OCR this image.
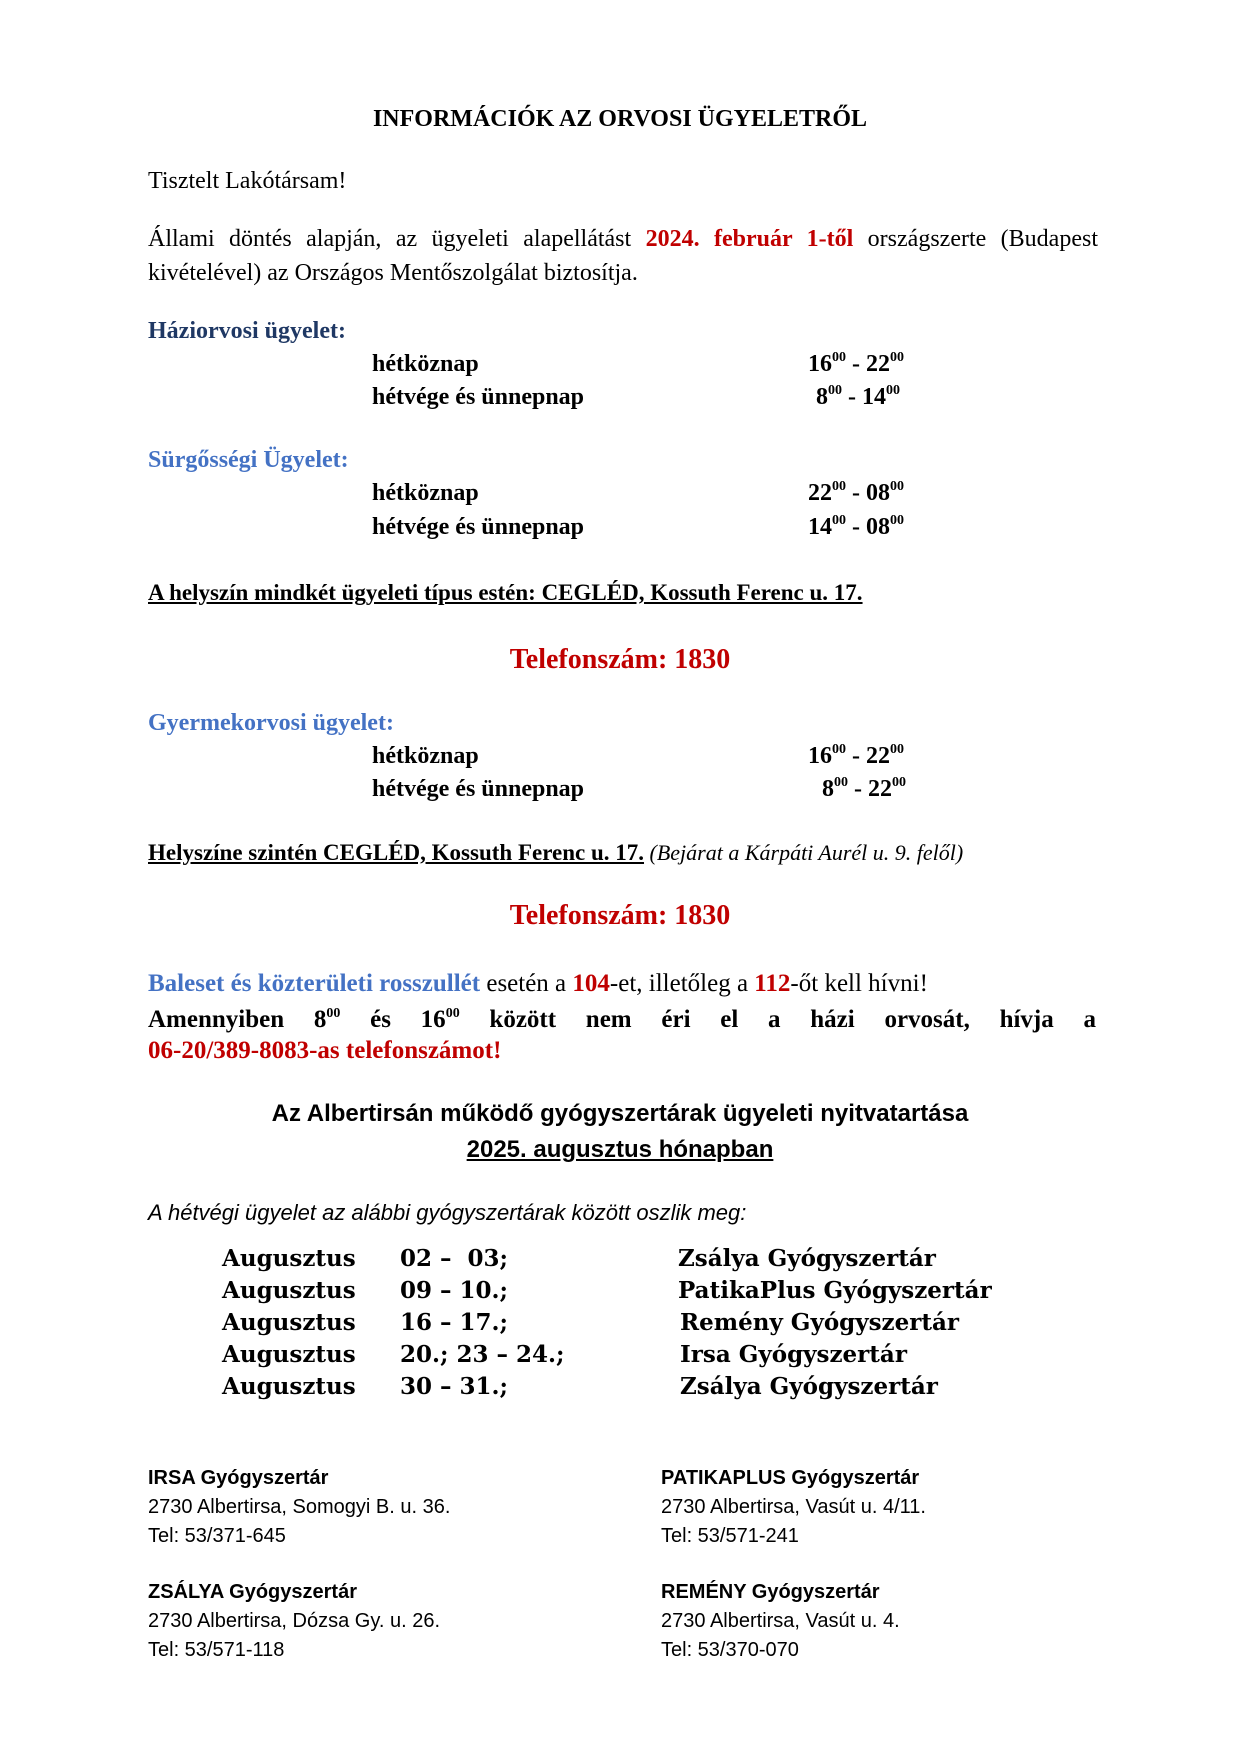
INFORMÁCIÓK AZ ORVOSI ÜGYELETRŐL
Tisztelt Lakótársam!
Állami döntés alapján, az ügyeleti alapellátást 2024. február 1-től országszerte (Budapest kivételével) az Országos Mentőszolgálat biztosítja.
Háziorvosi ügyelet:
hétköznap	$16^{00} - 22^{00}$
hétvége és ünnepnap	$8^{00} - 14^{00}$
Sürgősségi Ügyelet:
hétköznap	$22^{00} - 08^{00}$
hétvége és ünnepnap	$14^{00} - 08^{00}$
A helyszín mindkét ügyeleti típus estén: CEGLÉD, Kossuth Ferenc u. 17.
Telefonszám: 1830
Gyermekorvosi ügyelet:
hétköznap	$16^{00} - 22^{00}$
hétvége és ünnepnap	$8^{00} - 22^{00}$
Helyszíne szintén CEGLÉD, Kossuth Ferenc u. 17. (Bejárat a Kárpáti Aurél u. 9. felől)
Telefonszám: 1830
Baleset és közterületi rosszullét esetén a 104-et, illetőleg a 112-őt kell hívni!
Amennyiben $8^{00}$ és $16^{00}$ között nem éri el a házi orvosát, hívja a
06-20/389-8083-as telefonszámot!
Az Albertirsán működő gyógyszertárak ügyeleti nyitvatartása
2025. augusztus hónapban
A hétvégi ügyelet az alábbi gyógyszertárak között oszlik meg:
Augusztus 02 –  03;	Zsálya Gyógyszertár
Augusztus 09 – 10.;	PatikaPlus Gyógyszertár
Augusztus 16 – 17.;	Remény Gyógyszertár
Augusztus 20.; 23 – 24.;	Irsa Gyógyszertár
Augusztus 30 – 31.;	Zsálya Gyógyszertár
IRSA Gyógyszertár
2730 Albertirsa, Somogyi B. u. 36.
Tel: 53/371-645
PATIKAPLUS Gyógyszertár
2730 Albertirsa, Vasút u. 4/11.
Tel: 53/571-241
ZSÁLYA Gyógyszertár
2730 Albertirsa, Dózsa Gy. u. 26.
Tel: 53/571-118
REMÉNY Gyógyszertár
2730 Albertirsa, Vasút u. 4.
Tel: 53/370-070
